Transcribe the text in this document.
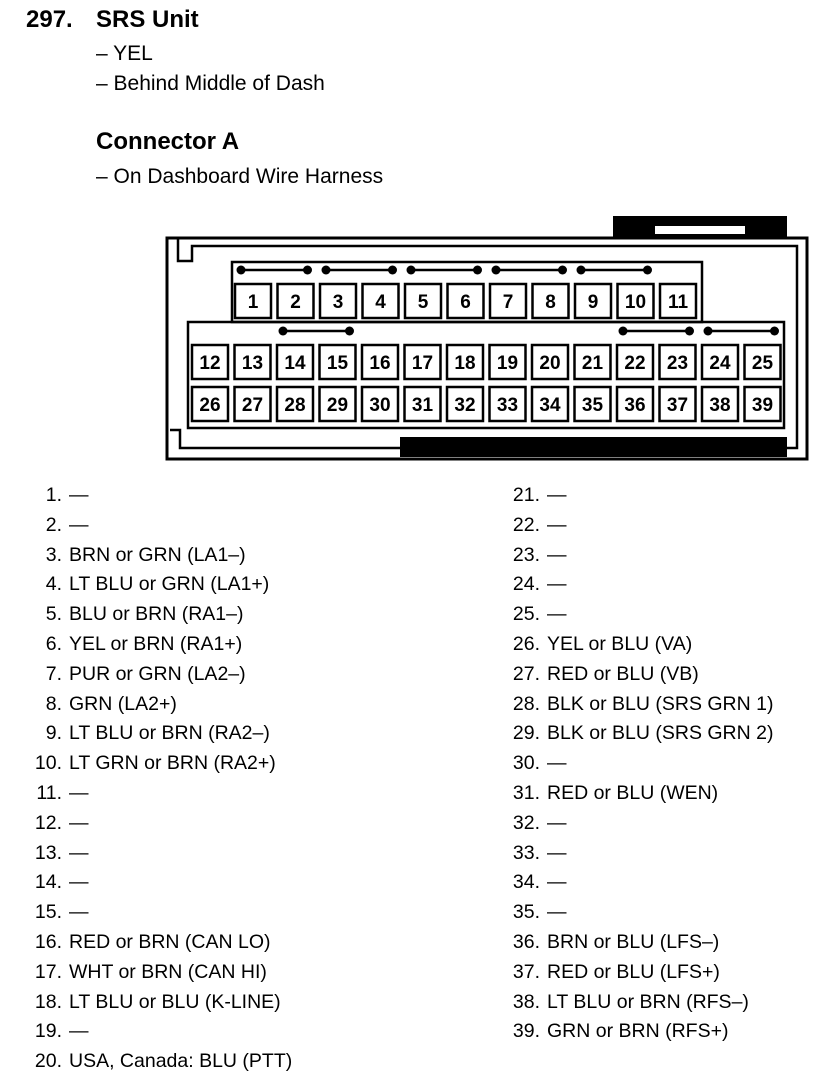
297. SRS Unit
– YEL
– Behind Middle of Dash
Connector A
– On Dashboard Wire Harness
1 2 3 4 5 6 7 8 9 10 11
12 13 14 15 16 17 18 19 20 21 22 23 24 25
26 27 28 29 30 31 32 33 34 35 36 37 38 39
1. —
2. —
3. BRN or GRN (LA1–)
4. LT BLU or GRN (LA1+)
5. BLU or BRN (RA1–)
6. YEL or BRN (RA1+)
7. PUR or GRN (LA2–)
8. GRN (LA2+)
9. LT BLU or BRN (RA2–)
10. LT GRN or BRN (RA2+)
11. —
12. —
13. —
14. —
15. —
16. RED or BRN (CAN LO)
17. WHT or BRN (CAN HI)
18. LT BLU or BLU (K-LINE)
19. —
20. USA, Canada: BLU (PTT)
21. —
22. —
23. —
24. —
25. —
26. YEL or BLU (VA)
27. RED or BLU (VB)
28. BLK or BLU (SRS GRN 1)
29. BLK or BLU (SRS GRN 2)
30. —
31. RED or BLU (WEN)
32. —
33. —
34. —
35. —
36. BRN or BLU (LFS–)
37. RED or BLU (LFS+)
38. LT BLU or BRN (RFS–)
39. GRN or BRN (RFS+)
